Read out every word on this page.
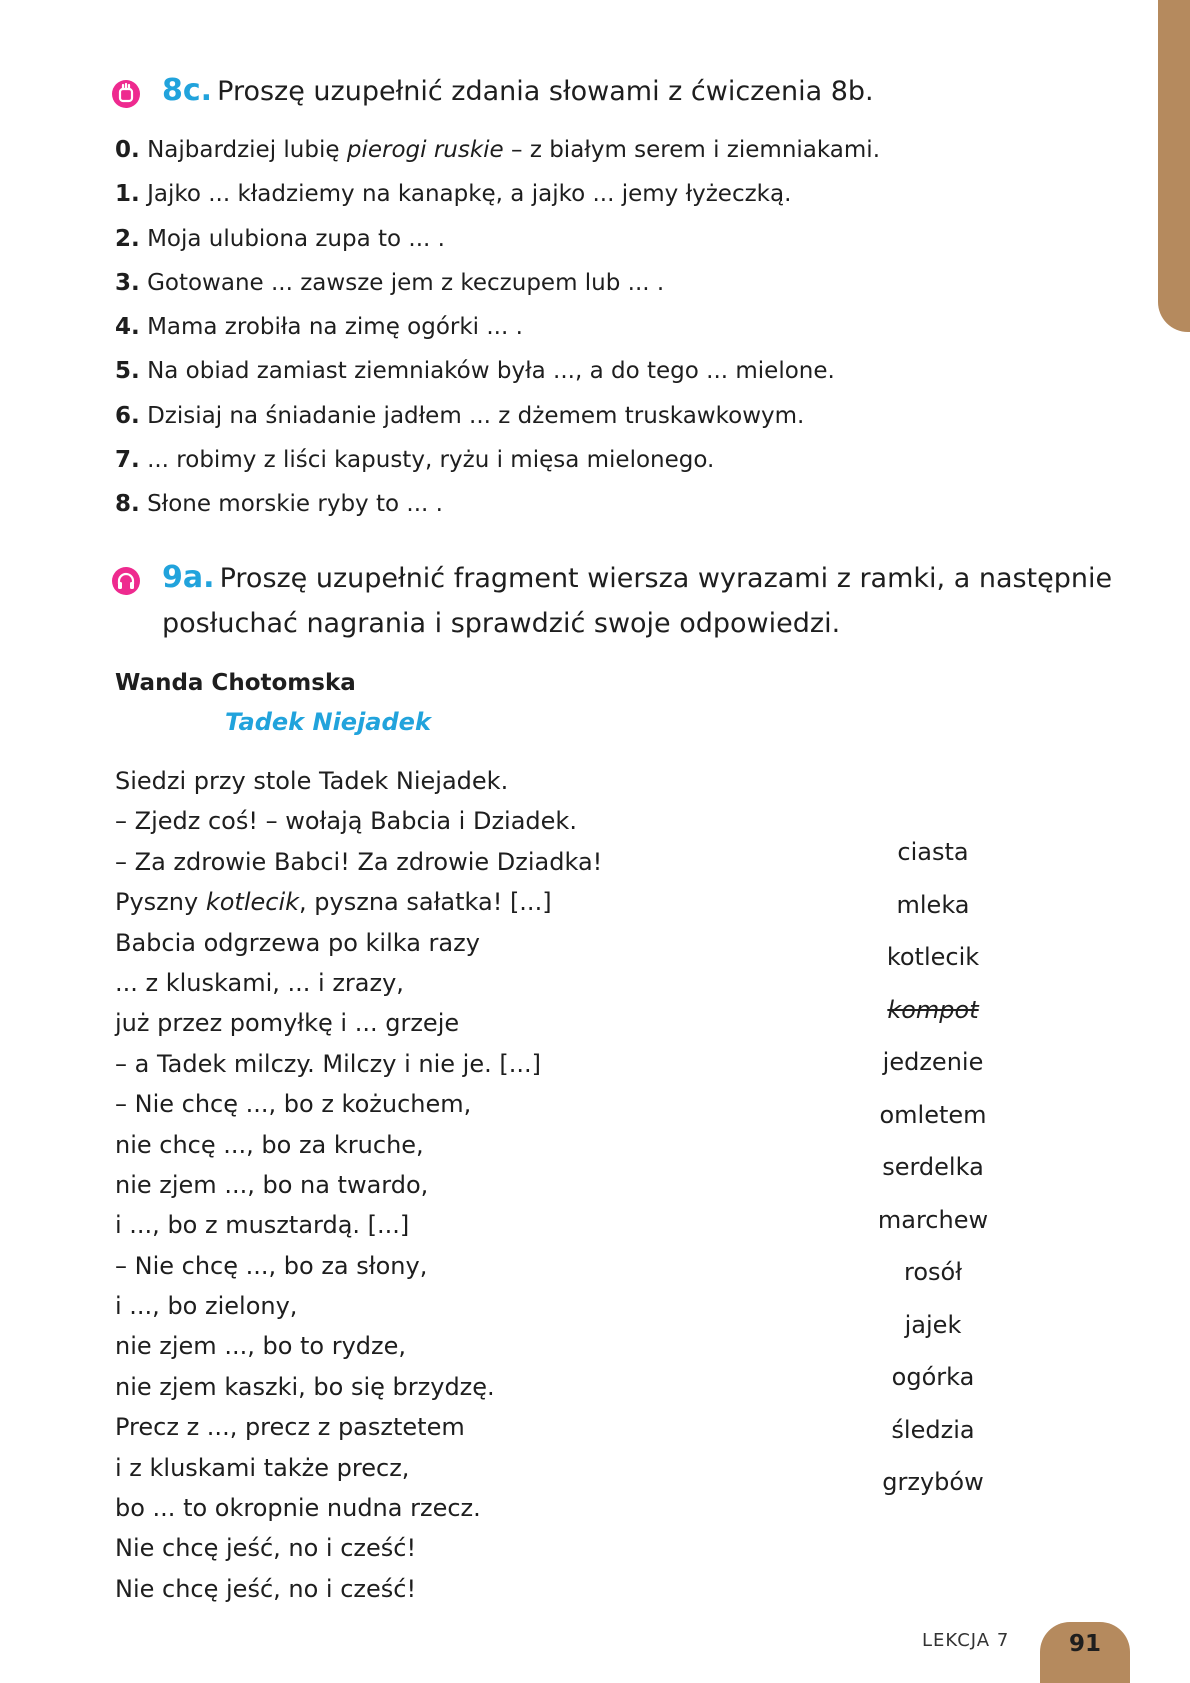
8c. Proszę uzupełnić zdania słowami z ćwiczenia 8b.
0. Najbardziej lubię pierogi ruskie – z białym serem i ziemniakami.
1. Jajko ... kładziemy na kanapkę, a jajko ... jemy łyżeczką.
2. Moja ulubiona zupa to ... .
3. Gotowane ... zawsze jem z keczupem lub ... .
4. Mama zrobiła na zimę ogórki ... .
5. Na obiad zamiast ziemniaków była ..., a do tego ... mielone.
6. Dzisiaj na śniadanie jadłem ... z dżemem truskawkowym.
7. ... robimy z liści kapusty, ryżu i mięsa mielonego.
8. Słone morskie ryby to ... .
9a. Proszę uzupełnić fragment wiersza wyrazami z ramki, a następnie
posłuchać nagrania i sprawdzić swoje odpowiedzi.
Wanda Chotomska
Tadek Niejadek
Siedzi przy stole Tadek Niejadek.
– Zjedz coś! – wołają Babcia i Dziadek.
– Za zdrowie Babci! Za zdrowie Dziadka!
Pyszny kotlecik, pyszna sałatka! [...]
Babcia odgrzewa po kilka razy
... z kluskami, ... i zrazy,
już przez pomyłkę i ... grzeje
– a Tadek milczy. Milczy i nie je. [...]
– Nie chcę ..., bo z kożuchem,
nie chcę ..., bo za kruche,
nie zjem ..., bo na twardo,
i ..., bo z musztardą. [...]
– Nie chcę ..., bo za słony,
i ..., bo zielony,
nie zjem ..., bo to rydze,
nie zjem kaszki, bo się brzydzę.
Precz z ..., precz z pasztetem
i z kluskami także precz,
bo ... to okropnie nudna rzecz.
Nie chcę jeść, no i cześć!
Nie chcę jeść, no i cześć!
ciasta
mleka
kotlecik
kompot
jedzenie
omletem
serdelka
marchew
rosół
jajek
ogórka
śledzia
grzybów
LEKCJA 7	91
